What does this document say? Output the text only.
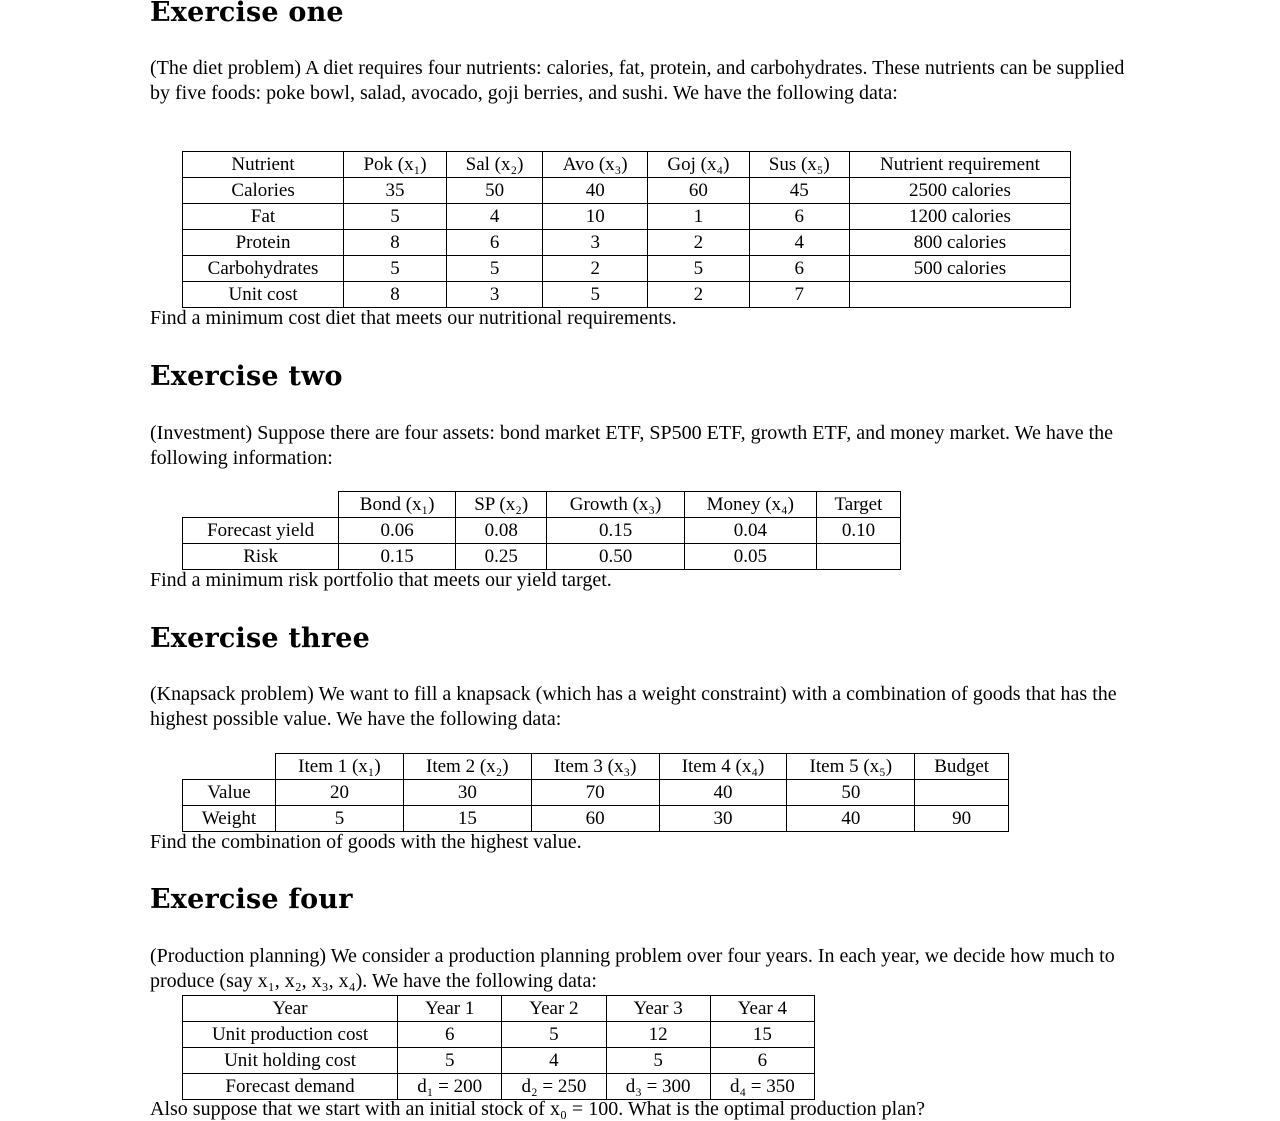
Exercise one

(The diet problem) A diet requires four nutrients: calories, fat, protein, and carbohydrates. These nutrients can be supplied by five foods: poke bowl, salad, avocado, goji berries, and sushi. We have the following data:

Nutrient	Pok (x₁)	Sal (x₂)	Avo (x₃)	Goj (x₄)	Sus (x₅)	Nutrient requirement
Calories	35	50	40	60	45	2500 calories
Fat	5	4	10	1	6	1200 calories
Protein	8	6	3	2	4	800 calories
Carbohydrates	5	5	2	5	6	500 calories
Unit cost	8	3	5	2	7	

Find a minimum cost diet that meets our nutritional requirements.

Exercise two

(Investment) Suppose there are four assets: bond market ETF, SP500 ETF, growth ETF, and money market. We have the following information:

	Bond (x₁)	SP (x₂)	Growth (x₃)	Money (x₄)	Target
Forecast yield	0.06	0.08	0.15	0.04	0.10
Risk	0.15	0.25	0.50	0.05	

Find a minimum risk portfolio that meets our yield target.

Exercise three

(Knapsack problem) We want to fill a knapsack (which has a weight constraint) with a combination of goods that has the highest possible value. We have the following data:

	Item 1 (x₁)	Item 2 (x₂)	Item 3 (x₃)	Item 4 (x₄)	Item 5 (x₅)	Budget
Value	20	30	70	40	50	
Weight	5	15	60	30	40	90

Find the combination of goods with the highest value.

Exercise four

(Production planning) We consider a production planning problem over four years. In each year, we decide how much to produce (say x₁, x₂, x₃, x₄). We have the following data:

Year	Year 1	Year 2	Year 3	Year 4
Unit production cost	6	5	12	15
Unit holding cost	5	4	5	6
Forecast demand	d₁ = 200	d₂ = 250	d₃ = 300	d₄ = 350

Also suppose that we start with an initial stock of x₀ = 100. What is the optimal production plan?
